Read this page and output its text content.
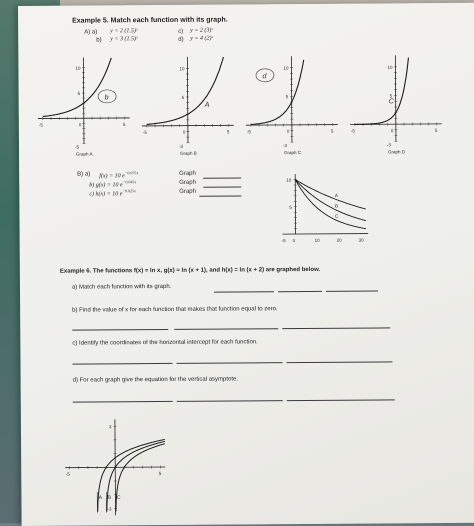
Example 5. Match each function with its graph.
A) a) y = 2 (1.5)ˣ
b) y = 3 (1.5)ˣ
c) y = 2 (3)ˣ
d) y = 4 (2)ˣ
-5	5
10
5
0
-5
Graph A
b
-5	5
10
5
0
-3
Graph B
A
-5	5
10
5
0
-3
Graph C
d
-5	5
10
5
0
-3
Graph D
C
B) a) f(x) = 10 $e^{-0.075x}$
b) g(x) = 10 $e^{-0.045x}$
c) h(x) = 10 $e^{-0.025x}$
Graph
Graph
Graph
10
5
-5 0	10	20	30
A
B
C
Example 6. The functions f(x) = ln x, g(x) = ln (x + 1), and h(x) = ln (x + 2) are graphed below.
a) Match each function with its graph.
b) Find the value of x for each function that makes that function equal to zero.
c) Identify the coordinates of the horizontal intercept for each function.
d) For each graph give the equation for the vertical asymptote.
3
-3
-5	5
A B C
